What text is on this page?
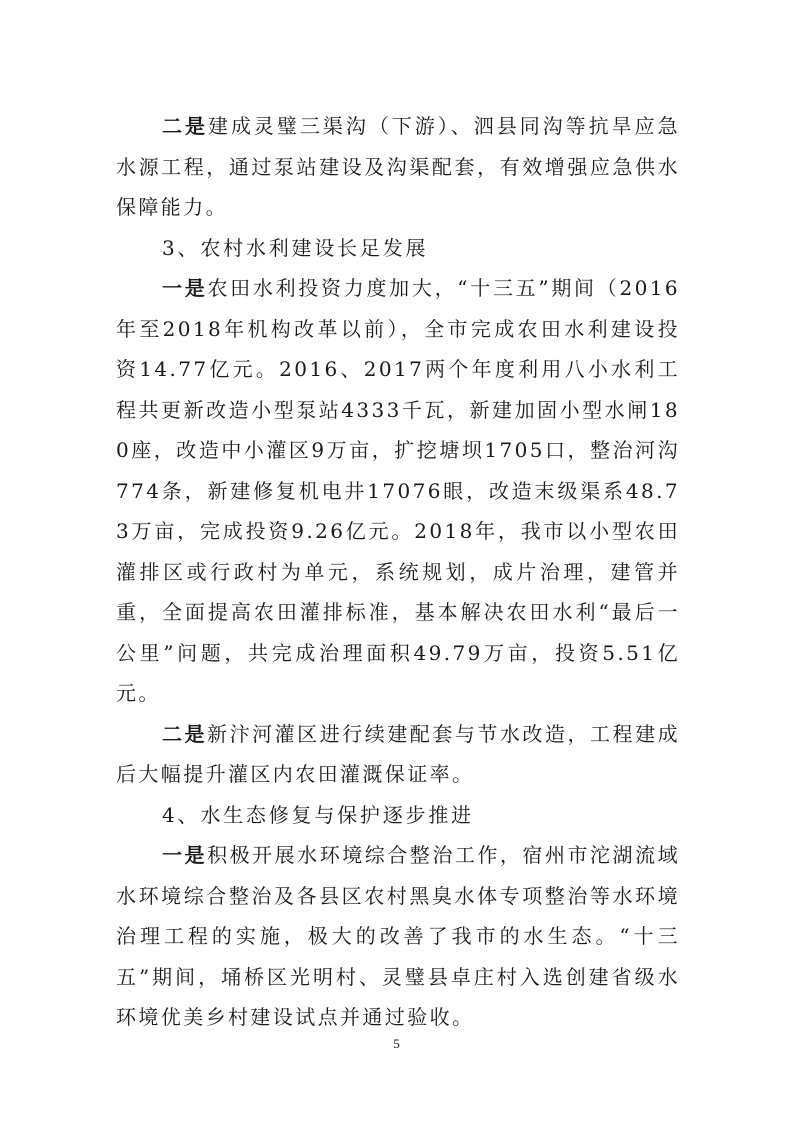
二是建成灵璧三渠沟（下游）、泗县同沟等抗旱应急水源工程，通过泵站建设及沟渠配套，有效增强应急供水保障能力。

3、农村水利建设长足发展

一是农田水利投资力度加大，“十三五”期间（2016年至2018年机构改革以前），全市完成农田水利建设投资14.77亿元。2016、2017两个年度利用八小水利工程共更新改造小型泵站4333千瓦，新建加固小型水闸180座，改造中小灌区9万亩，扩挖塘坝1705口，整治河沟774条，新建修复机电井17076眼，改造末级渠系48.73万亩，完成投资9.26亿元。2018年，我市以小型农田灌排区或行政村为单元，系统规划，成片治理，建管并重，全面提高农田灌排标准，基本解决农田水利“最后一公里”问题，共完成治理面积49.79万亩，投资5.51亿元。

二是新汴河灌区进行续建配套与节水改造，工程建成后大幅提升灌区内农田灌溉保证率。

4、水生态修复与保护逐步推进

一是积极开展水环境综合整治工作，宿州市沱湖流域水环境综合整治及各县区农村黑臭水体专项整治等水环境治理工程的实施，极大的改善了我市的水生态。“十三五”期间，埇桥区光明村、灵璧县卓庄村入选创建省级水环境优美乡村建设试点并通过验收。

5
